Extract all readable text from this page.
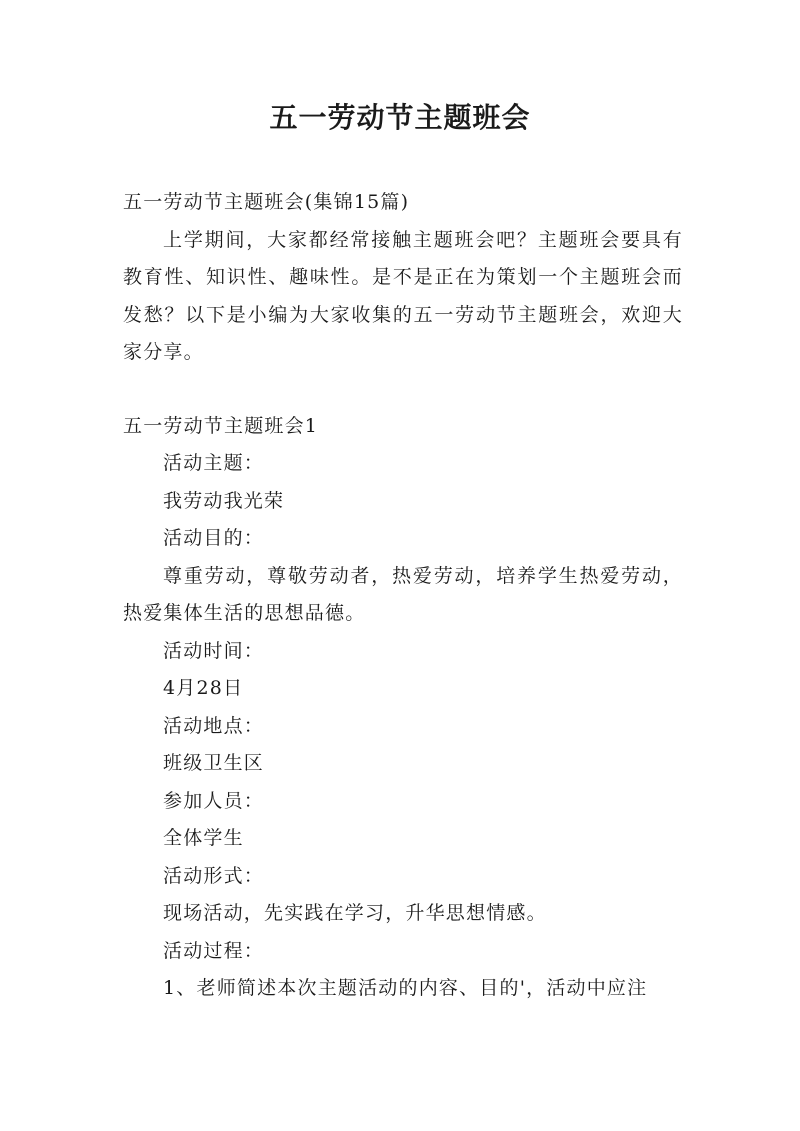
五一劳动节主题班会

五一劳动节主题班会(集锦15篇)

上学期间，大家都经常接触主题班会吧？主题班会要具有教育性、知识性、趣味性。是不是正在为策划一个主题班会而发愁？以下是小编为大家收集的五一劳动节主题班会，欢迎大家分享。

五一劳动节主题班会1

活动主题：

我劳动我光荣

活动目的：

尊重劳动，尊敬劳动者，热爱劳动，培养学生热爱劳动，热爱集体生活的思想品德。

活动时间：

4月28日

活动地点：

班级卫生区

参加人员：

全体学生

活动形式：

现场活动，先实践在学习，升华思想情感。

活动过程：

1、老师简述本次主题活动的内容、目的'，活动中应注
